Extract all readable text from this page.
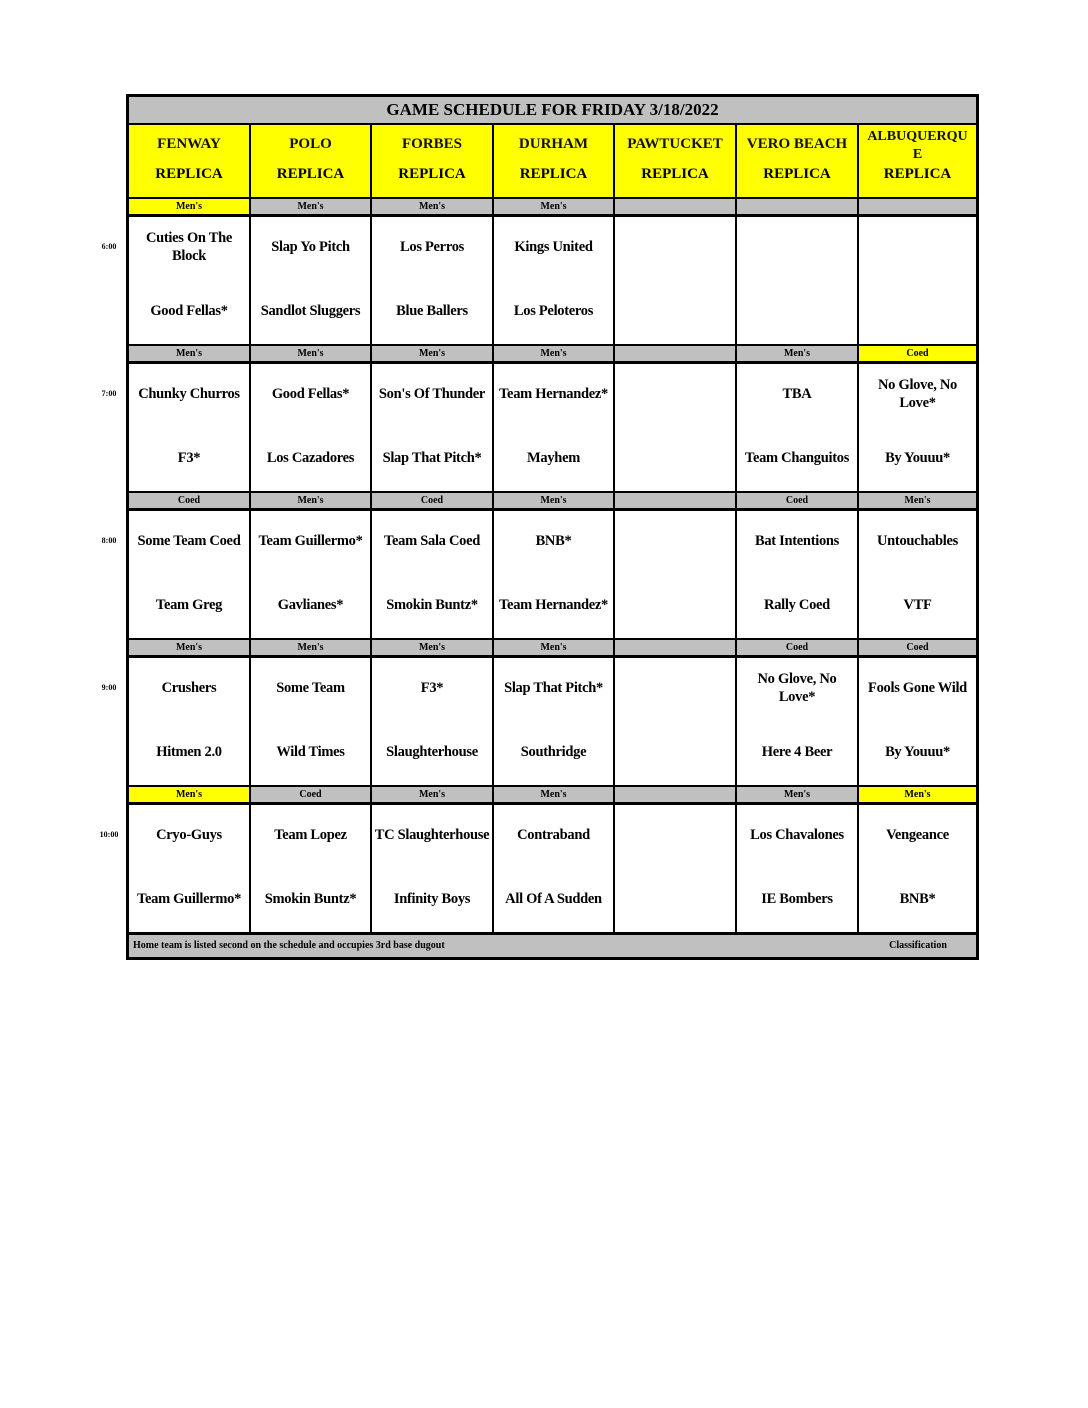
6:00
7:00
8:00
9:00
10:00
GAME SCHEDULE FOR FRIDAY 3/18/2022
FENWAY
REPLICA
POLO
REPLICA
FORBES
REPLICA
DURHAM
REPLICA
PAWTUCKET
REPLICA
VERO BEACH
REPLICA
ALBUQUERQU
E
REPLICA
Men's
Cuties On The Block
Good Fellas*
Men's
Slap Yo Pitch
Sandlot Sluggers
Men's
Los Perros
Blue Ballers
Men's
Kings United
Los Peloteros
Men's
Chunky Churros
F3*
Men's
Good Fellas*
Los Cazadores
Men's
Son's Of Thunder
Slap That Pitch*
Men's
Team Hernandez*
Mayhem
Men's
TBA
Team Changuitos
Coed
No Glove, No Love*
By Youuu*
Coed
Some Team Coed
Team Greg
Men's
Team Guillermo*
Gavlianes*
Coed
Team Sala Coed
Smokin Buntz*
Men's
BNB*
Team Hernandez*
Coed
Bat Intentions
Rally Coed
Men's
Untouchables
VTF
Men's
Crushers
Hitmen 2.0
Men's
Some Team
Wild Times
Men's
F3*
Slaughterhouse
Men's
Slap That Pitch*
Southridge
Coed
No Glove, No Love*
Here 4 Beer
Coed
Fools Gone Wild
By Youuu*
Men's
Cryo-Guys
Team Guillermo*
Coed
Team Lopez
Smokin Buntz*
Men's
TC Slaughterhouse
Infinity Boys
Men's
Contraband
All Of A Sudden
Men's
Los Chavalones
IE Bombers
Men's
Vengeance
BNB*
Home team is listed second on the schedule and occupies 3rd base dugout	Classification
